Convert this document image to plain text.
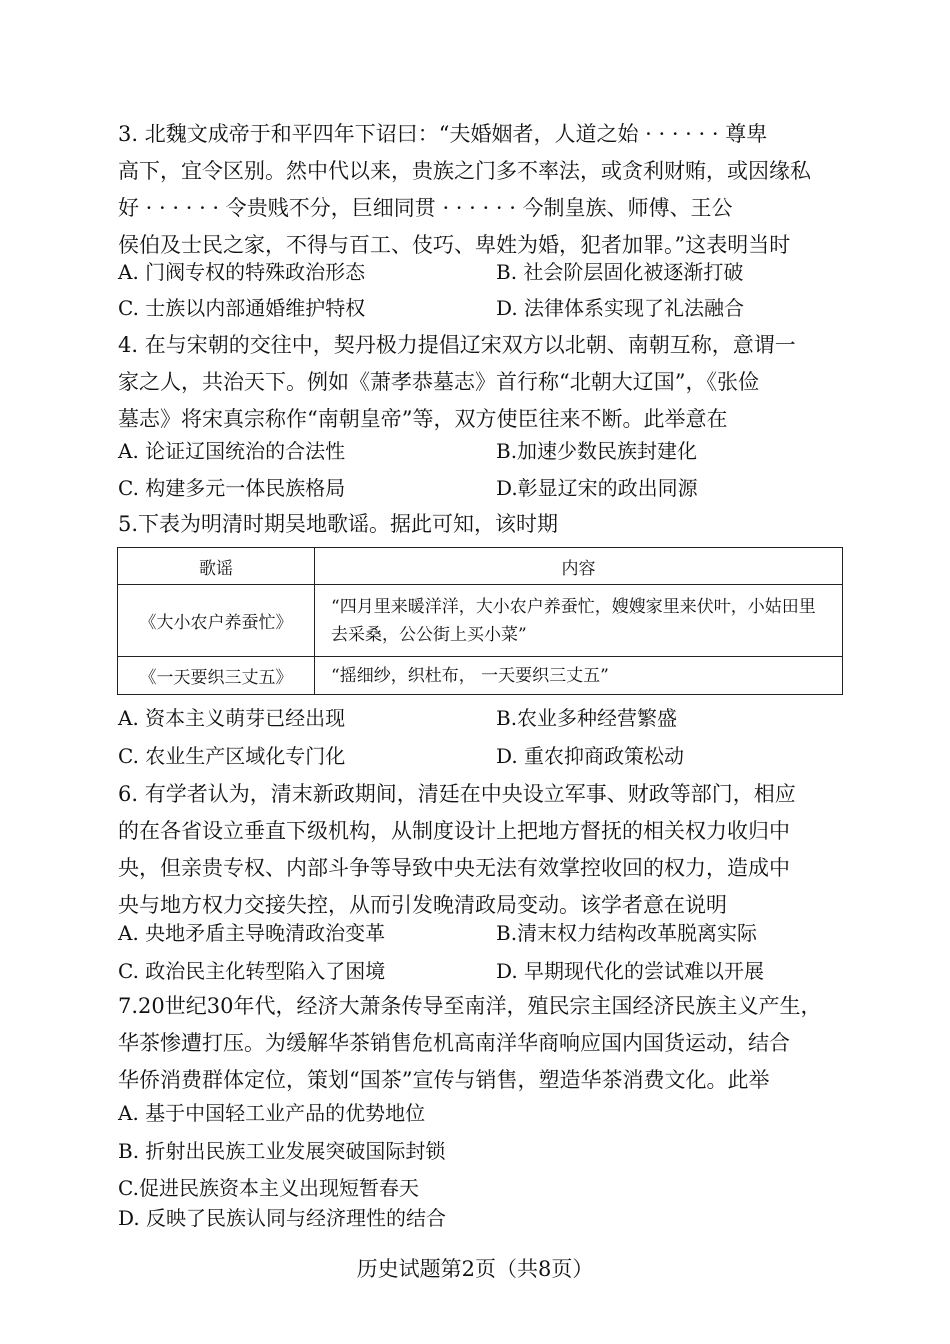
3. 北魏文成帝于和平四年下诏曰：“夫婚姻者，人道之始 · · · · · · 尊卑

高下，宜令区别。然中代以来，贵族之门多不率法，或贪利财贿，或因缘私

好 · · · · · · 令贵贱不分，巨细同贯 · · · · · · 今制皇族、师傅、王公

侯伯及士民之家，不得与百工、伎巧、卑姓为婚，犯者加罪。”这表明当时

A. 门阀专权的特殊政治形态	B. 社会阶层固化被逐渐打破
C. 士族以内部通婚维护特权	D. 法律体系实现了礼法融合

4. 在与宋朝的交往中，契丹极力提倡辽宋双方以北朝、南朝互称，意谓一

家之人，共治天下。例如《萧孝恭墓志》首行称“北朝大辽国”，《张俭

墓志》将宋真宗称作“南朝皇帝”等，双方使臣往来不断。此举意在

A. 论证辽国统治的合法性	B.加速少数民族封建化
C. 构建多元一体民族格局	D.彰显辽宋的政出同源

5.下表为明清时期吴地歌谣。据此可知，该时期

歌谣	内容
《大小农户养蚕忙》	“四月里来暖洋洋，大小农户养蚕忙，嫂嫂家里来伏叶，小姑田里去采桑，公公街上买小菜”
《一天要织三丈五》	“摇细纱，织杜布， 一天要织三丈五”
A. 资本主义萌芽已经出现	B.农业多种经营繁盛
C. 农业生产区域化专门化	D. 重农抑商政策松动

6. 有学者认为，清末新政期间，清廷在中央设立军事、财政等部门，相应

的在各省设立垂直下级机构，从制度设计上把地方督抚的相关权力收归中

央，但亲贵专权、内部斗争等导致中央无法有效掌控收回的权力，造成中

央与地方权力交接失控，从而引发晚清政局变动。该学者意在说明

A. 央地矛盾主导晚清政治变革	B.清末权力结构改革脱离实际
C. 政治民主化转型陷入了困境	D. 早期现代化的尝试难以开展

7.20世纪30年代，经济大萧条传导至南洋，殖民宗主国经济民族主义产生，

华茶惨遭打压。为缓解华茶销售危机高南洋华商响应国内国货运动，结合

华侨消费群体定位，策划“国茶”宣传与销售，塑造华茶消费文化。此举

A. 基于中国轻工业产品的优势地位
B. 折射出民族工业发展突破国际封锁
C.促进民族资本主义出现短暂春天
D. 反映了民族认同与经济理性的结合
历史试题第2页（共8页）
